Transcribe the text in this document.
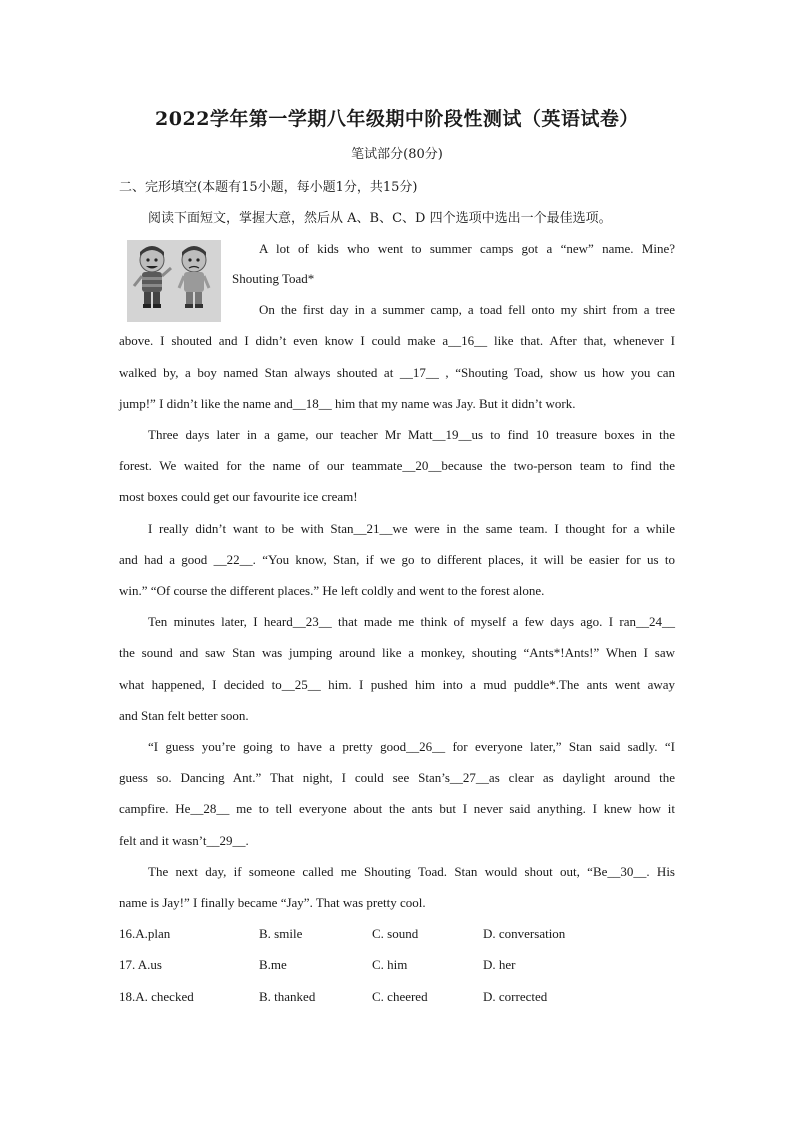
2022学年第一学期八年级期中阶段性测试（英语试卷）
笔试部分(80分)
二、完形填空(本题有15小题，每小题1分，共15分)
阅读下面短文，掌握大意，然后从 A、B、C、D 四个选项中选出一个最佳选项。
A lot of kids who went to summer camps got a “new” name. Mine?
Shouting Toad*
On the first day in a summer camp, a toad fell onto my shirt from a tree
above. I shouted and I didn’t even know I could make a__16__ like that. After that, whenever I
walked by, a boy named Stan always shouted at __17__ , “Shouting Toad, show us how you can
jump!” I didn’t like the name and__18__ him that my name was Jay. But it didn’t work.
Three days later in a game, our teacher Mr Matt__19__us to find 10 treasure boxes in the
forest. We waited for the name of our teammate__20__because the two-person team to find the
most boxes could get our favourite ice cream!
I really didn’t want to be with Stan__21__we were in the same team. I thought for a while
and had a good __22__. “You know, Stan, if we go to different places, it will be easier for us to
win.” “Of course the different places.” He left coldly and went to the forest alone.
Ten minutes later, I heard__23__ that made me think of myself a few days ago. I ran__24__
the sound and saw Stan was jumping around like a monkey, shouting “Ants*!Ants!” When I saw
what happened, I decided to__25__ him. I pushed him into a mud puddle*.The ants went away
and Stan felt better soon.
“I guess you’re going to have a pretty good__26__ for everyone later,” Stan said sadly. “I
guess so. Dancing Ant.” That night, I could see Stan’s__27__as clear as daylight around the
campfire. He__28__ me to tell everyone about the ants but I never said anything. I knew how it
felt and it wasn’t__29__.
The next day, if someone called me Shouting Toad. Stan would shout out, “Be__30__. His
name is Jay!” I finally became “Jay”. That was pretty cool.
16.A.plan	B. smile	C. sound	D. conversation
17. A.us	B.me	C. him	D. her
18.A. checked	B. thanked	C. cheered	D. corrected
